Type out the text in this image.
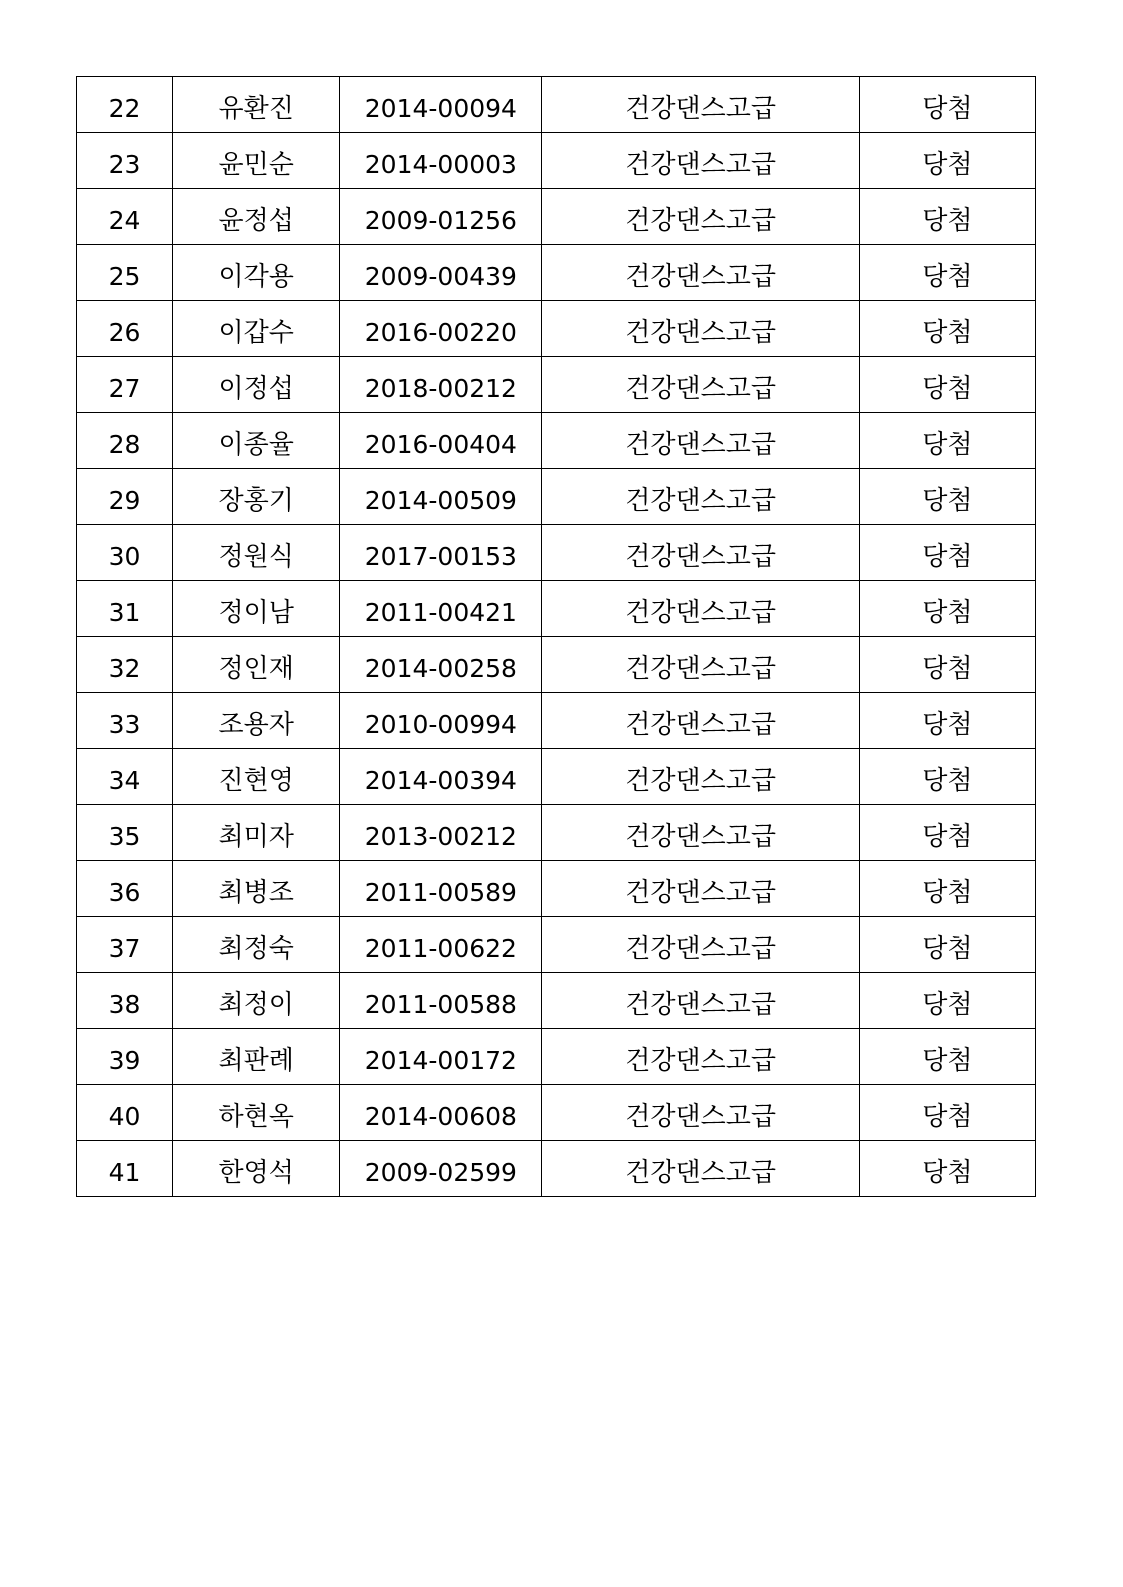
22	유환진	2014-00094	건강댄스고급	당첨
23	윤민순	2014-00003	건강댄스고급	당첨
24	윤정섭	2009-01256	건강댄스고급	당첨
25	이각용	2009-00439	건강댄스고급	당첨
26	이갑수	2016-00220	건강댄스고급	당첨
27	이정섭	2018-00212	건강댄스고급	당첨
28	이종율	2016-00404	건강댄스고급	당첨
29	장홍기	2014-00509	건강댄스고급	당첨
30	정원식	2017-00153	건강댄스고급	당첨
31	정이남	2011-00421	건강댄스고급	당첨
32	정인재	2014-00258	건강댄스고급	당첨
33	조용자	2010-00994	건강댄스고급	당첨
34	진현영	2014-00394	건강댄스고급	당첨
35	최미자	2013-00212	건강댄스고급	당첨
36	최병조	2011-00589	건강댄스고급	당첨
37	최정숙	2011-00622	건강댄스고급	당첨
38	최정이	2011-00588	건강댄스고급	당첨
39	최판례	2014-00172	건강댄스고급	당첨
40	하현옥	2014-00608	건강댄스고급	당첨
41	한영석	2009-02599	건강댄스고급	당첨
